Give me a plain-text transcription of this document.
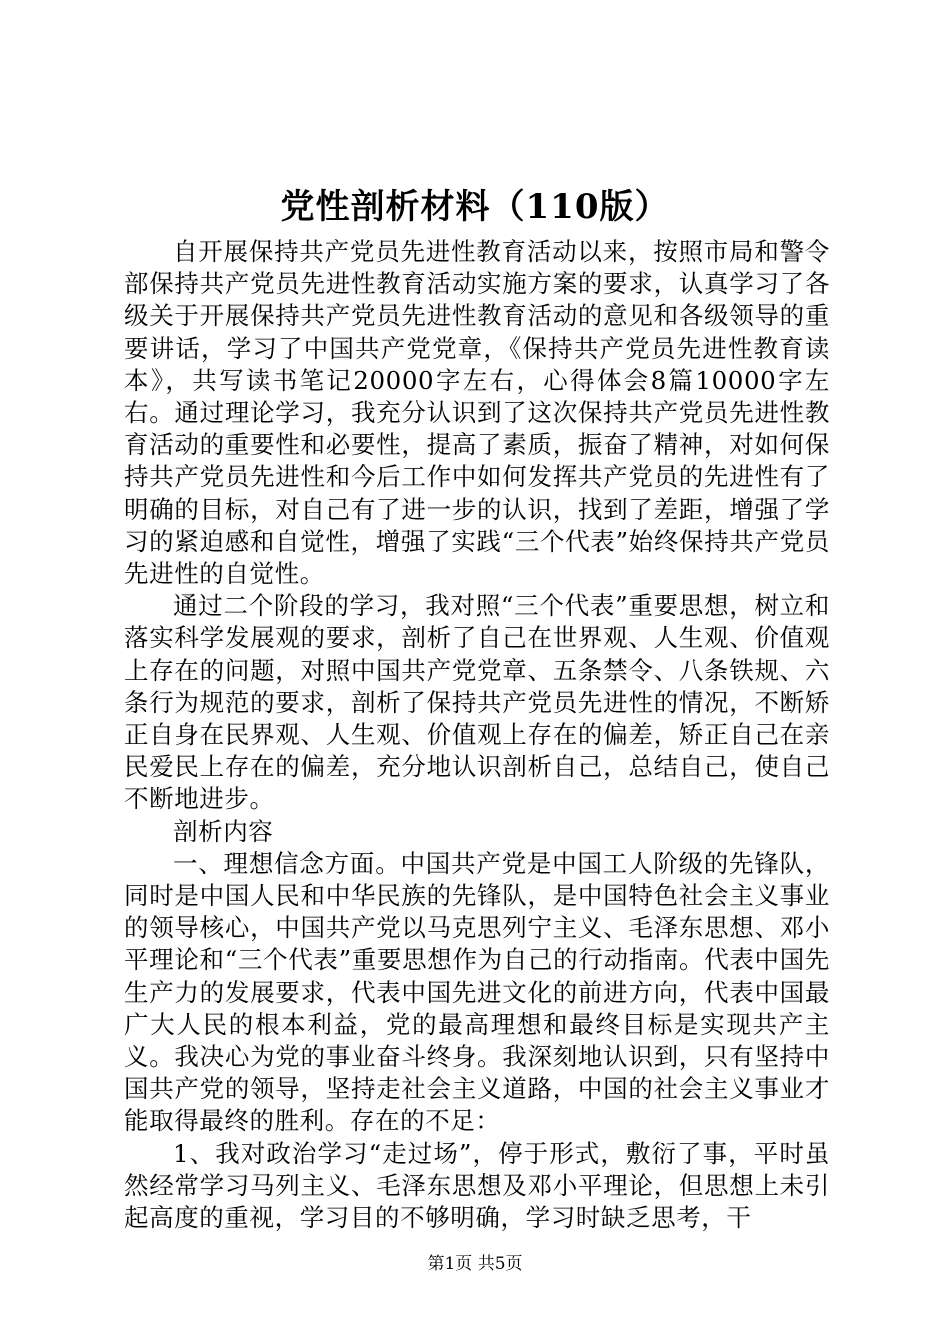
党性剖析材料（110版）

自开展保持共产党员先进性教育活动以来，按照市局和警令部保持共产党员先进性教育活动实施方案的要求，认真学习了各级关于开展保持共产党员先进性教育活动的意见和各级领导的重要讲话，学习了中国共产党党章，《保持共产党员先进性教育读本》，共写读书笔记20000字左右，心得体会8篇10000字左右。通过理论学习，我充分认识到了这次保持共产党员先进性教育活动的重要性和必要性，提高了素质，振奋了精神，对如何保持共产党员先进性和今后工作中如何发挥共产党员的先进性有了明确的目标，对自己有了进一步的认识，找到了差距，增强了学习的紧迫感和自觉性，增强了实践“三个代表”始终保持共产党员先进性的自觉性。

通过二个阶段的学习，我对照“三个代表”重要思想，树立和落实科学发展观的要求，剖析了自己在世界观、人生观、价值观上存在的问题，对照中国共产党党章、五条禁令、八条铁规、六条行为规范的要求，剖析了保持共产党员先进性的情况，不断矫正自身在民界观、人生观、价值观上存在的偏差，矫正自己在亲民爱民上存在的偏差，充分地认识剖析自己，总结自己，使自己不断地进步。

剖析内容

一、理想信念方面。中国共产党是中国工人阶级的先锋队，同时是中国人民和中华民族的先锋队，是中国特色社会主义事业的领导核心，中国共产党以马克思列宁主义、毛泽东思想、邓小平理论和“三个代表”重要思想作为自己的行动指南。代表中国先生产力的发展要求，代表中国先进文化的前进方向，代表中国最广大人民的根本利益，党的最高理想和最终目标是实现共产主义。我决心为党的事业奋斗终身。我深刻地认识到，只有坚持中国共产党的领导，坚持走社会主义道路，中国的社会主义事业才能取得最终的胜利。存在的不足：

1、我对政治学习“走过场”，停于形式，敷衍了事，平时虽然经常学习马列主义、毛泽东思想及邓小平理论，但思想上未引起高度的重视，学习目的不够明确，学习时缺乏思考，干

第1页 共5页
